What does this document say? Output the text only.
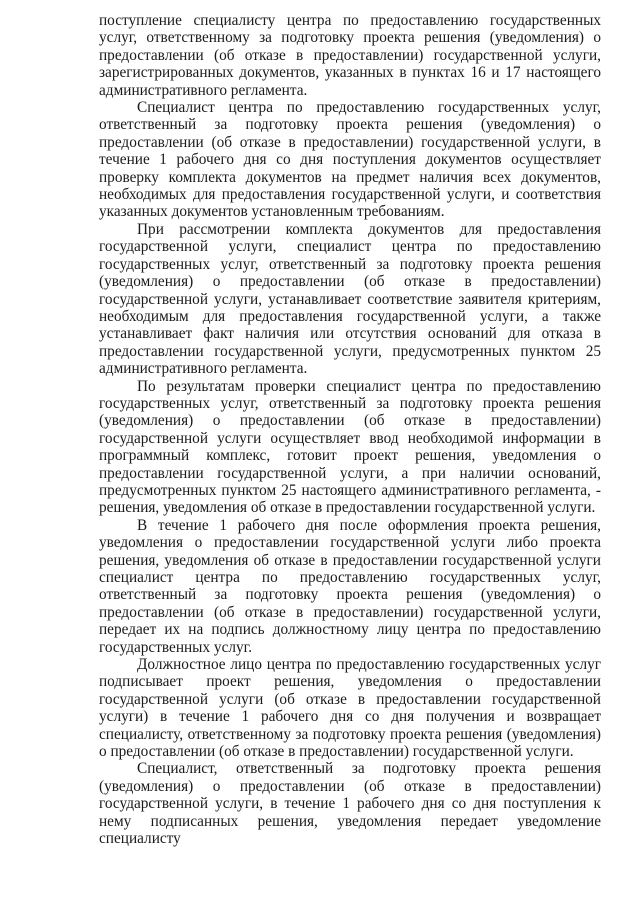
поступление специалисту центра по предоставлению государственных услуг, ответственному за подготовку проекта решения (уведомления) о предоставлении (об отказе в предоставлении) государственной услуги, зарегистрированных документов, указанных в пунктах 16 и 17 настоящего административного регламента.

Специалист центра по предоставлению государственных услуг, ответственный за подготовку проекта решения (уведомления) о предоставлении (об отказе в предоставлении) государственной услуги, в течение 1 рабочего дня со дня поступления документов осуществляет проверку комплекта документов на предмет наличия всех документов, необходимых для предоставления государственной услуги, и соответствия указанных документов установленным требованиям.

При рассмотрении комплекта документов для предоставления государственной услуги, специалист центра по предоставлению государственных услуг, ответственный за подготовку проекта решения (уведомления) о предоставлении (об отказе в предоставлении) государственной услуги, устанавливает соответствие заявителя критериям, необходимым для предоставления государственной услуги, а также устанавливает факт наличия или отсутствия оснований для отказа в предоставлении государственной услуги, предусмотренных пунктом 25 административного регламента.

По результатам проверки специалист центра по предоставлению государственных услуг, ответственный за подготовку проекта решения (уведомления) о предоставлении (об отказе в предоставлении) государственной услуги осуществляет ввод необходимой информации в программный комплекс, готовит проект решения, уведомления о предоставлении государственной услуги, а при наличии оснований, предусмотренных пунктом 25 настоящего административного регламента, - решения, уведомления об отказе в предоставлении государственной услуги.

В течение 1 рабочего дня после оформления проекта решения, уведомления о предоставлении государственной услуги либо проекта решения, уведомления об отказе в предоставлении государственной услуги специалист центра по предоставлению государственных услуг, ответственный за подготовку проекта решения (уведомления) о предоставлении (об отказе в предоставлении) государственной услуги, передает их на подпись должностному лицу центра по предоставлению государственных услуг.

Должностное лицо центра по предоставлению государственных услуг подписывает проект решения, уведомления о предоставлении государственной услуги (об отказе в предоставлении государственной услуги) в течение 1 рабочего дня со дня получения и возвращает специалисту, ответственному за подготовку проекта решения (уведомления) о предоставлении (об отказе в предоставлении) государственной услуги.

Специалист, ответственный за подготовку проекта решения (уведомления) о предоставлении (об отказе в предоставлении) государственной услуги, в течение 1 рабочего дня со дня поступления к нему подписанных решения, уведомления передает уведомление специалисту
